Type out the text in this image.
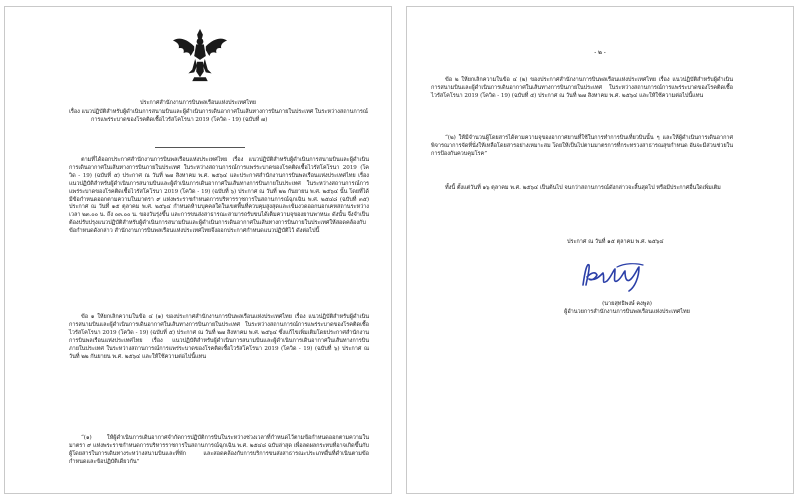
ประกาศสำนักงานการบินพลเรือนแห่งประเทศไทย
เรื่อง แนวปฏิบัติสำหรับผู้ดำเนินการสนามบินและผู้ดำเนินการเดินอากาศในเส้นทางการบินภายในประเทศ ในระหว่างสถานการณ์การแพร่ระบาดของโรคติดเชื้อไวรัสโคโรนา 2019 (โควิด - 19) (ฉบับที่ ๗)
ตามที่ได้ออกประกาศสำนักงานการบินพลเรือนแห่งประเทศไทย เรื่อง แนวปฏิบัติสำหรับผู้ดำเนินการสนามบินและผู้ดำเนินการเดินอากาศในเส้นทางการบินภายในประเทศ ในระหว่างสถานการณ์การแพร่ระบาดของโรคติดเชื้อไวรัสโคโรนา 2019 (โควิด - 19) (ฉบับที่ ๕) ประกาศ ณ วันที่ ๒๗ สิงหาคม พ.ศ. ๒๕๖๔ และประกาศสำนักงานการบินพลเรือนแห่งประเทศไทย เรื่อง แนวปฏิบัติสำหรับผู้ดำเนินการสนามบินและผู้ดำเนินการเดินอากาศในเส้นทางการบินภายในประเทศ ในระหว่างสถานการณ์การแพร่ระบาดของโรคติดเชื้อไวรัสโคโรนา 2019 (โควิด - 19) (ฉบับที่ ๖) ประกาศ ณ วันที่ ๒๒ กันยายน พ.ศ. ๒๕๖๔ นั้น โดยที่ได้มีข้อกำหนดออกตามความในมาตรา ๙ แห่งพระราชกำหนดการบริหารราชการในสถานการณ์ฉุกเฉิน พ.ศ. ๒๕๔๘ (ฉบับที่ ๓๕) ประกาศ ณ วันที่ ๑๕ ตุลาคม พ.ศ. ๒๕๖๔ กำหนดห้ามบุคคลใดในเขตพื้นที่ควบคุมสูงสุดและเข้มงวดออกนอกเคหสถานระหว่างเวลา ๒๓.๐๐ น. ถึง ๐๓.๐๐ น. ของวันรุ่งขึ้น และการขนส่งสาธารณะสามารถรับขนได้เต็มความจุของยานพาหนะ ดังนั้น จึงจำเป็นต้องปรับปรุงแนวปฏิบัติสำหรับผู้ดำเนินการสนามบินและผู้ดำเนินการเดินอากาศในเส้นทางการบินภายในประเทศให้สอดคล้องกับข้อกำหนดดังกล่าว สำนักงานการบินพลเรือนแห่งประเทศไทยจึงออกประกาศกำหนดแนวปฏิบัติไว้ ดังต่อไปนี้
ข้อ ๑ ให้ยกเลิกความในข้อ ๔ (๑) ของประกาศสำนักงานการบินพลเรือนแห่งประเทศไทย เรื่อง แนวปฏิบัติสำหรับผู้ดำเนินการสนามบินและผู้ดำเนินการเดินอากาศในเส้นทางการบินภายในประเทศ ในระหว่างสถานการณ์การแพร่ระบาดของโรคติดเชื้อไวรัสโคโรนา 2019 (โควิด - 19) (ฉบับที่ ๕) ประกาศ ณ วันที่ ๒๗ สิงหาคม พ.ศ. ๒๕๖๔ ซึ่งแก้ไขเพิ่มเติมโดยประกาศสำนักงานการบินพลเรือนแห่งประเทศไทย เรื่อง แนวปฏิบัติสำหรับผู้ดำเนินการสนามบินและผู้ดำเนินการเดินอากาศในเส้นทางการบินภายในประเทศ ในระหว่างสถานการณ์การแพร่ระบาดของโรคติดเชื้อไวรัสโคโรนา 2019 (โควิด - 19) (ฉบับที่ ๖) ประกาศ ณ วันที่ ๒๒ กันยายน พ.ศ. ๒๕๖๔ และให้ใช้ความต่อไปนี้แทน
“(๑) ให้ผู้ดำเนินการเดินอากาศจำกัดการปฏิบัติการบินในระหว่างช่วงเวลาที่กำหนดไว้ตามข้อกำหนดออกตามความในมาตรา ๙ แห่งพระราชกำหนดการบริหารราชการในสถานการณ์ฉุกเฉิน พ.ศ. ๒๕๔๘ ฉบับล่าสุด เพื่อลดผลกระทบที่อาจเกิดขึ้นกับผู้โดยสารในการเดินทางระหว่างสนามบินและที่พัก และสอดคล้องกับการบริการขนส่งสาธารณะประเภทอื่นที่ดำเนินตามข้อกำหนดและข้อปฏิบัติเดียวกัน”
- ๒ -
ข้อ ๒ ให้ยกเลิกความในข้อ ๔ (๒) ของประกาศสำนักงานการบินพลเรือนแห่งประเทศไทย เรื่อง แนวปฏิบัติสำหรับผู้ดำเนินการสนามบินและผู้ดำเนินการเดินอากาศในเส้นทางการบินภายในประเทศ ในระหว่างสถานการณ์การแพร่ระบาดของโรคติดเชื้อไวรัสโคโรนา 2019 (โควิด - 19) (ฉบับที่ ๕) ประกาศ ณ วันที่ ๒๗ สิงหาคม พ.ศ. ๒๕๖๔ และให้ใช้ความต่อไปนี้แทน
“(๒) ให้มีจำนวนผู้โดยสารได้ตามความจุของอากาศยานที่ใช้ในการทำการบินเที่ยวบินนั้น ๆ และให้ผู้ดำเนินการเดินอากาศพิจารณาการจัดที่นั่งให้เหลือโดยสารอย่างเหมาะสม โดยให้เป็นไปตามมาตรการที่กระทรวงสาธารณสุขกำหนด อันจะมีส่วนช่วยในการป้องกันควบคุมโรค”
ทั้งนี้ ตั้งแต่วันที่ ๑๖ ตุลาคม พ.ศ. ๒๕๖๔ เป็นต้นไป จนกว่าสถานการณ์ดังกล่าวจะสิ้นสุดไป หรือมีประกาศอื่นใดเพิ่มเติม
ประกาศ ณ วันที่ ๑๕ ตุลาคม พ.ศ. ๒๕๖๔
(นายสุทธิพงษ์ คงพูล)
ผู้อำนวยการสำนักงานการบินพลเรือนแห่งประเทศไทย
